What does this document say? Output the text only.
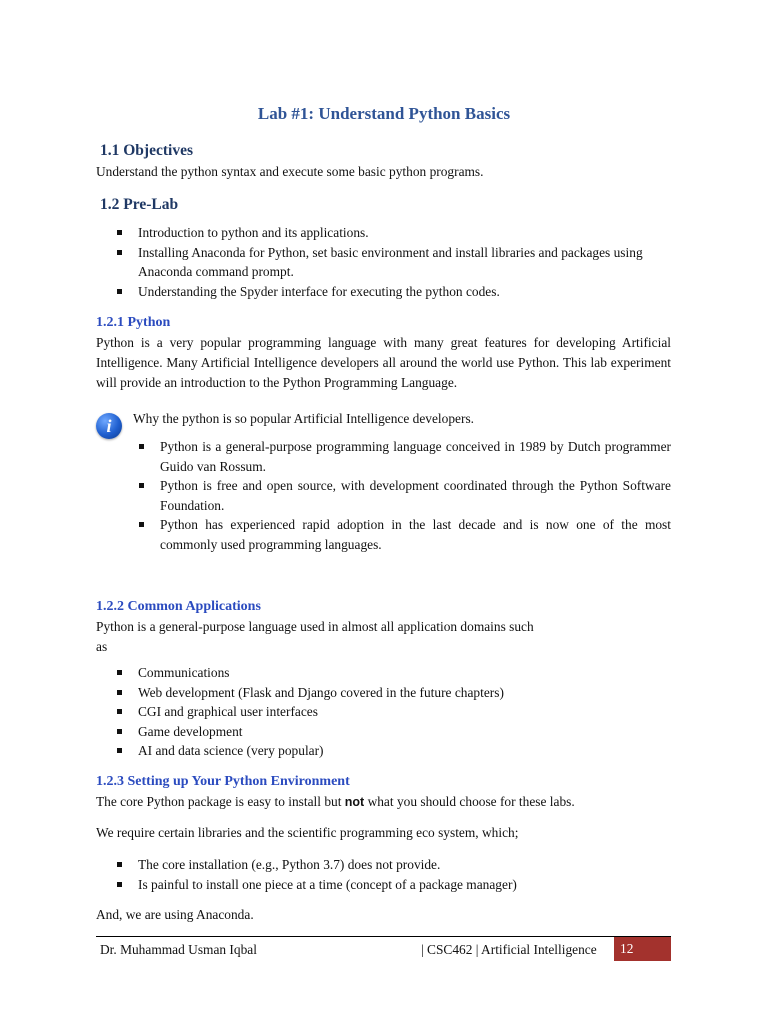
Lab #1: Understand Python Basics
1.1 Objectives
Understand the python syntax and execute some basic python programs.
1.2 Pre-Lab
Introduction to python and its applications.
Installing Anaconda for Python, set basic environment and install libraries and packages using Anaconda command prompt.
Understanding the Spyder interface for executing the python codes.
1.2.1 Python
Python is a very popular programming language with many great features for developing Artificial Intelligence. Many Artificial Intelligence developers all around the world use Python. This lab experiment will provide an introduction to the Python Programming Language.
i	Why the python is so popular Artificial Intelligence developers.
Python is a general-purpose programming language conceived in 1989 by Dutch programmer Guido van Rossum.
Python is free and open source, with development coordinated through the Python Software Foundation.
Python has experienced rapid adoption in the last decade and is now one of the most commonly used programming languages.
1.2.2 Common Applications
Python is a general-purpose language used in almost all application domains such
as
Communications
Web development (Flask and Django covered in the future chapters)
CGI and graphical user interfaces
Game development
AI and data science (very popular)
1.2.3 Setting up Your Python Environment
The core Python package is easy to install but not what you should choose for these labs.
We require certain libraries and the scientific programming eco system, which;
The core installation (e.g., Python 3.7) does not provide.
Is painful to install one piece at a time (concept of a package manager)
And, we are using Anaconda.
Dr. Muhammad Usman Iqbal	| CSC462 | Artificial Intelligence	12
